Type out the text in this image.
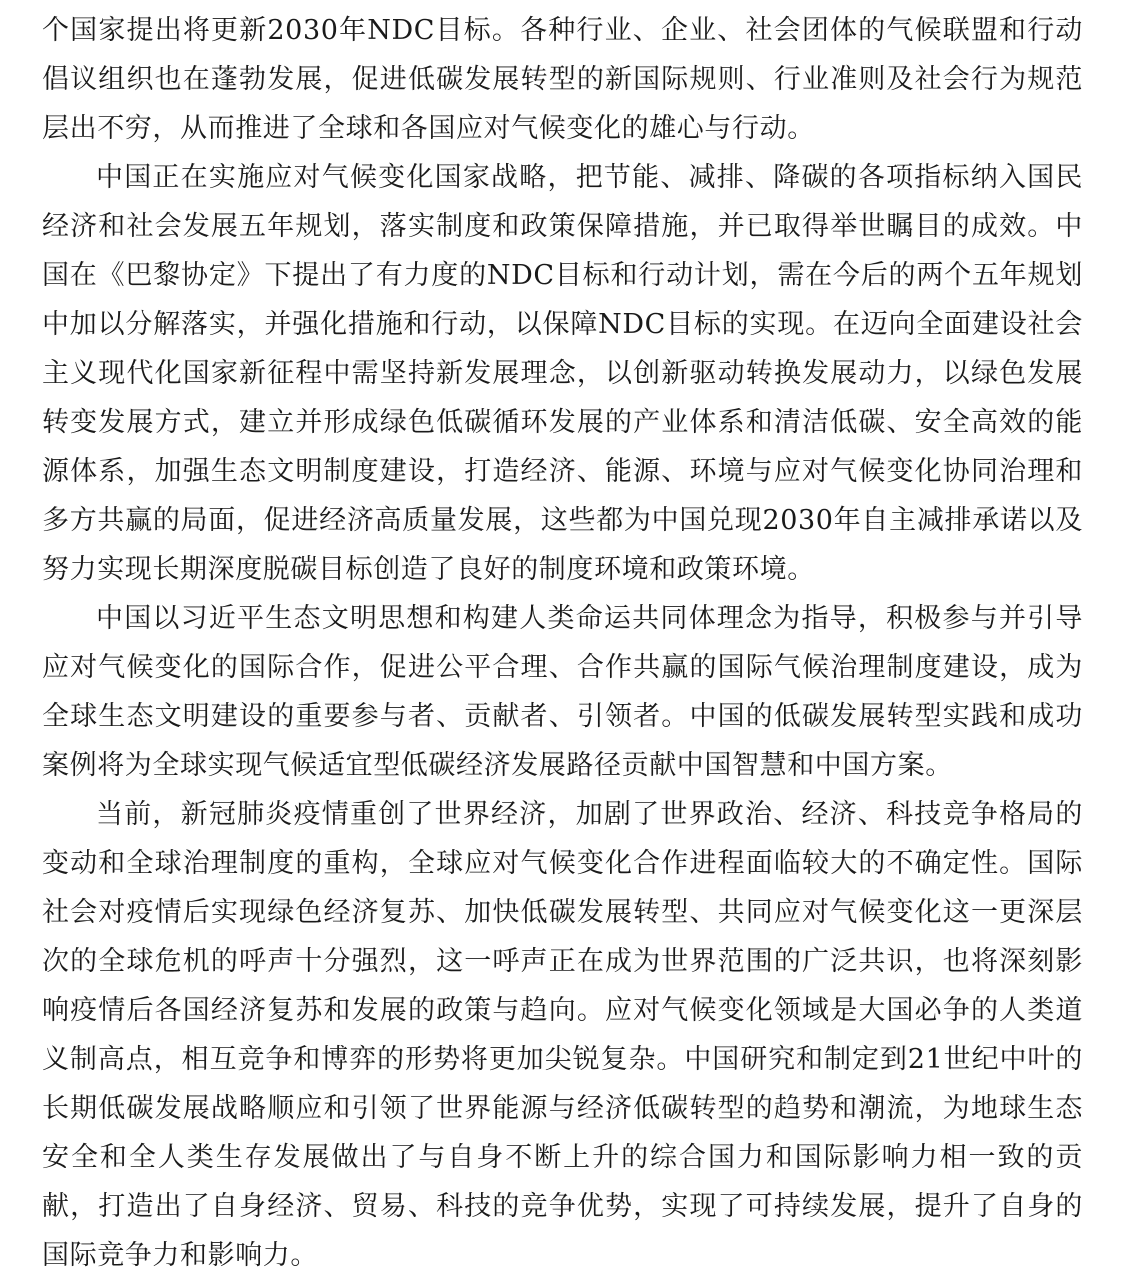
个国家提出将更新2030年NDC目标。各种行业、企业、社会团体的气候联盟和行动倡议组织也在蓬勃发展，促进低碳发展转型的新国际规则、行业准则及社会行为规范层出不穷，从而推进了全球和各国应对气候变化的雄心与行动。

中国正在实施应对气候变化国家战略，把节能、减排、降碳的各项指标纳入国民经济和社会发展五年规划，落实制度和政策保障措施，并已取得举世瞩目的成效。中国在《巴黎协定》下提出了有力度的NDC目标和行动计划，需在今后的两个五年规划中加以分解落实，并强化措施和行动，以保障NDC目标的实现。在迈向全面建设社会主义现代化国家新征程中需坚持新发展理念，以创新驱动转换发展动力，以绿色发展转变发展方式，建立并形成绿色低碳循环发展的产业体系和清洁低碳、安全高效的能源体系，加强生态文明制度建设，打造经济、能源、环境与应对气候变化协同治理和多方共赢的局面，促进经济高质量发展，这些都为中国兑现2030年自主减排承诺以及努力实现长期深度脱碳目标创造了良好的制度环境和政策环境。

中国以习近平生态文明思想和构建人类命运共同体理念为指导，积极参与并引导应对气候变化的国际合作，促进公平合理、合作共赢的国际气候治理制度建设，成为全球生态文明建设的重要参与者、贡献者、引领者。中国的低碳发展转型实践和成功案例将为全球实现气候适宜型低碳经济发展路径贡献中国智慧和中国方案。

当前，新冠肺炎疫情重创了世界经济，加剧了世界政治、经济、科技竞争格局的变动和全球治理制度的重构，全球应对气候变化合作进程面临较大的不确定性。国际社会对疫情后实现绿色经济复苏、加快低碳发展转型、共同应对气候变化这一更深层次的全球危机的呼声十分强烈，这一呼声正在成为世界范围的广泛共识，也将深刻影响疫情后各国经济复苏和发展的政策与趋向。应对气候变化领域是大国必争的人类道义制高点，相互竞争和博弈的形势将更加尖锐复杂。中国研究和制定到21世纪中叶的长期低碳发展战略顺应和引领了世界能源与经济低碳转型的趋势和潮流，为地球生态安全和全人类生存发展做出了与自身不断上升的综合国力和国际影响力相一致的贡献，打造出了自身经济、贸易、科技的竞争优势，实现了可持续发展，提升了自身的国际竞争力和影响力。
